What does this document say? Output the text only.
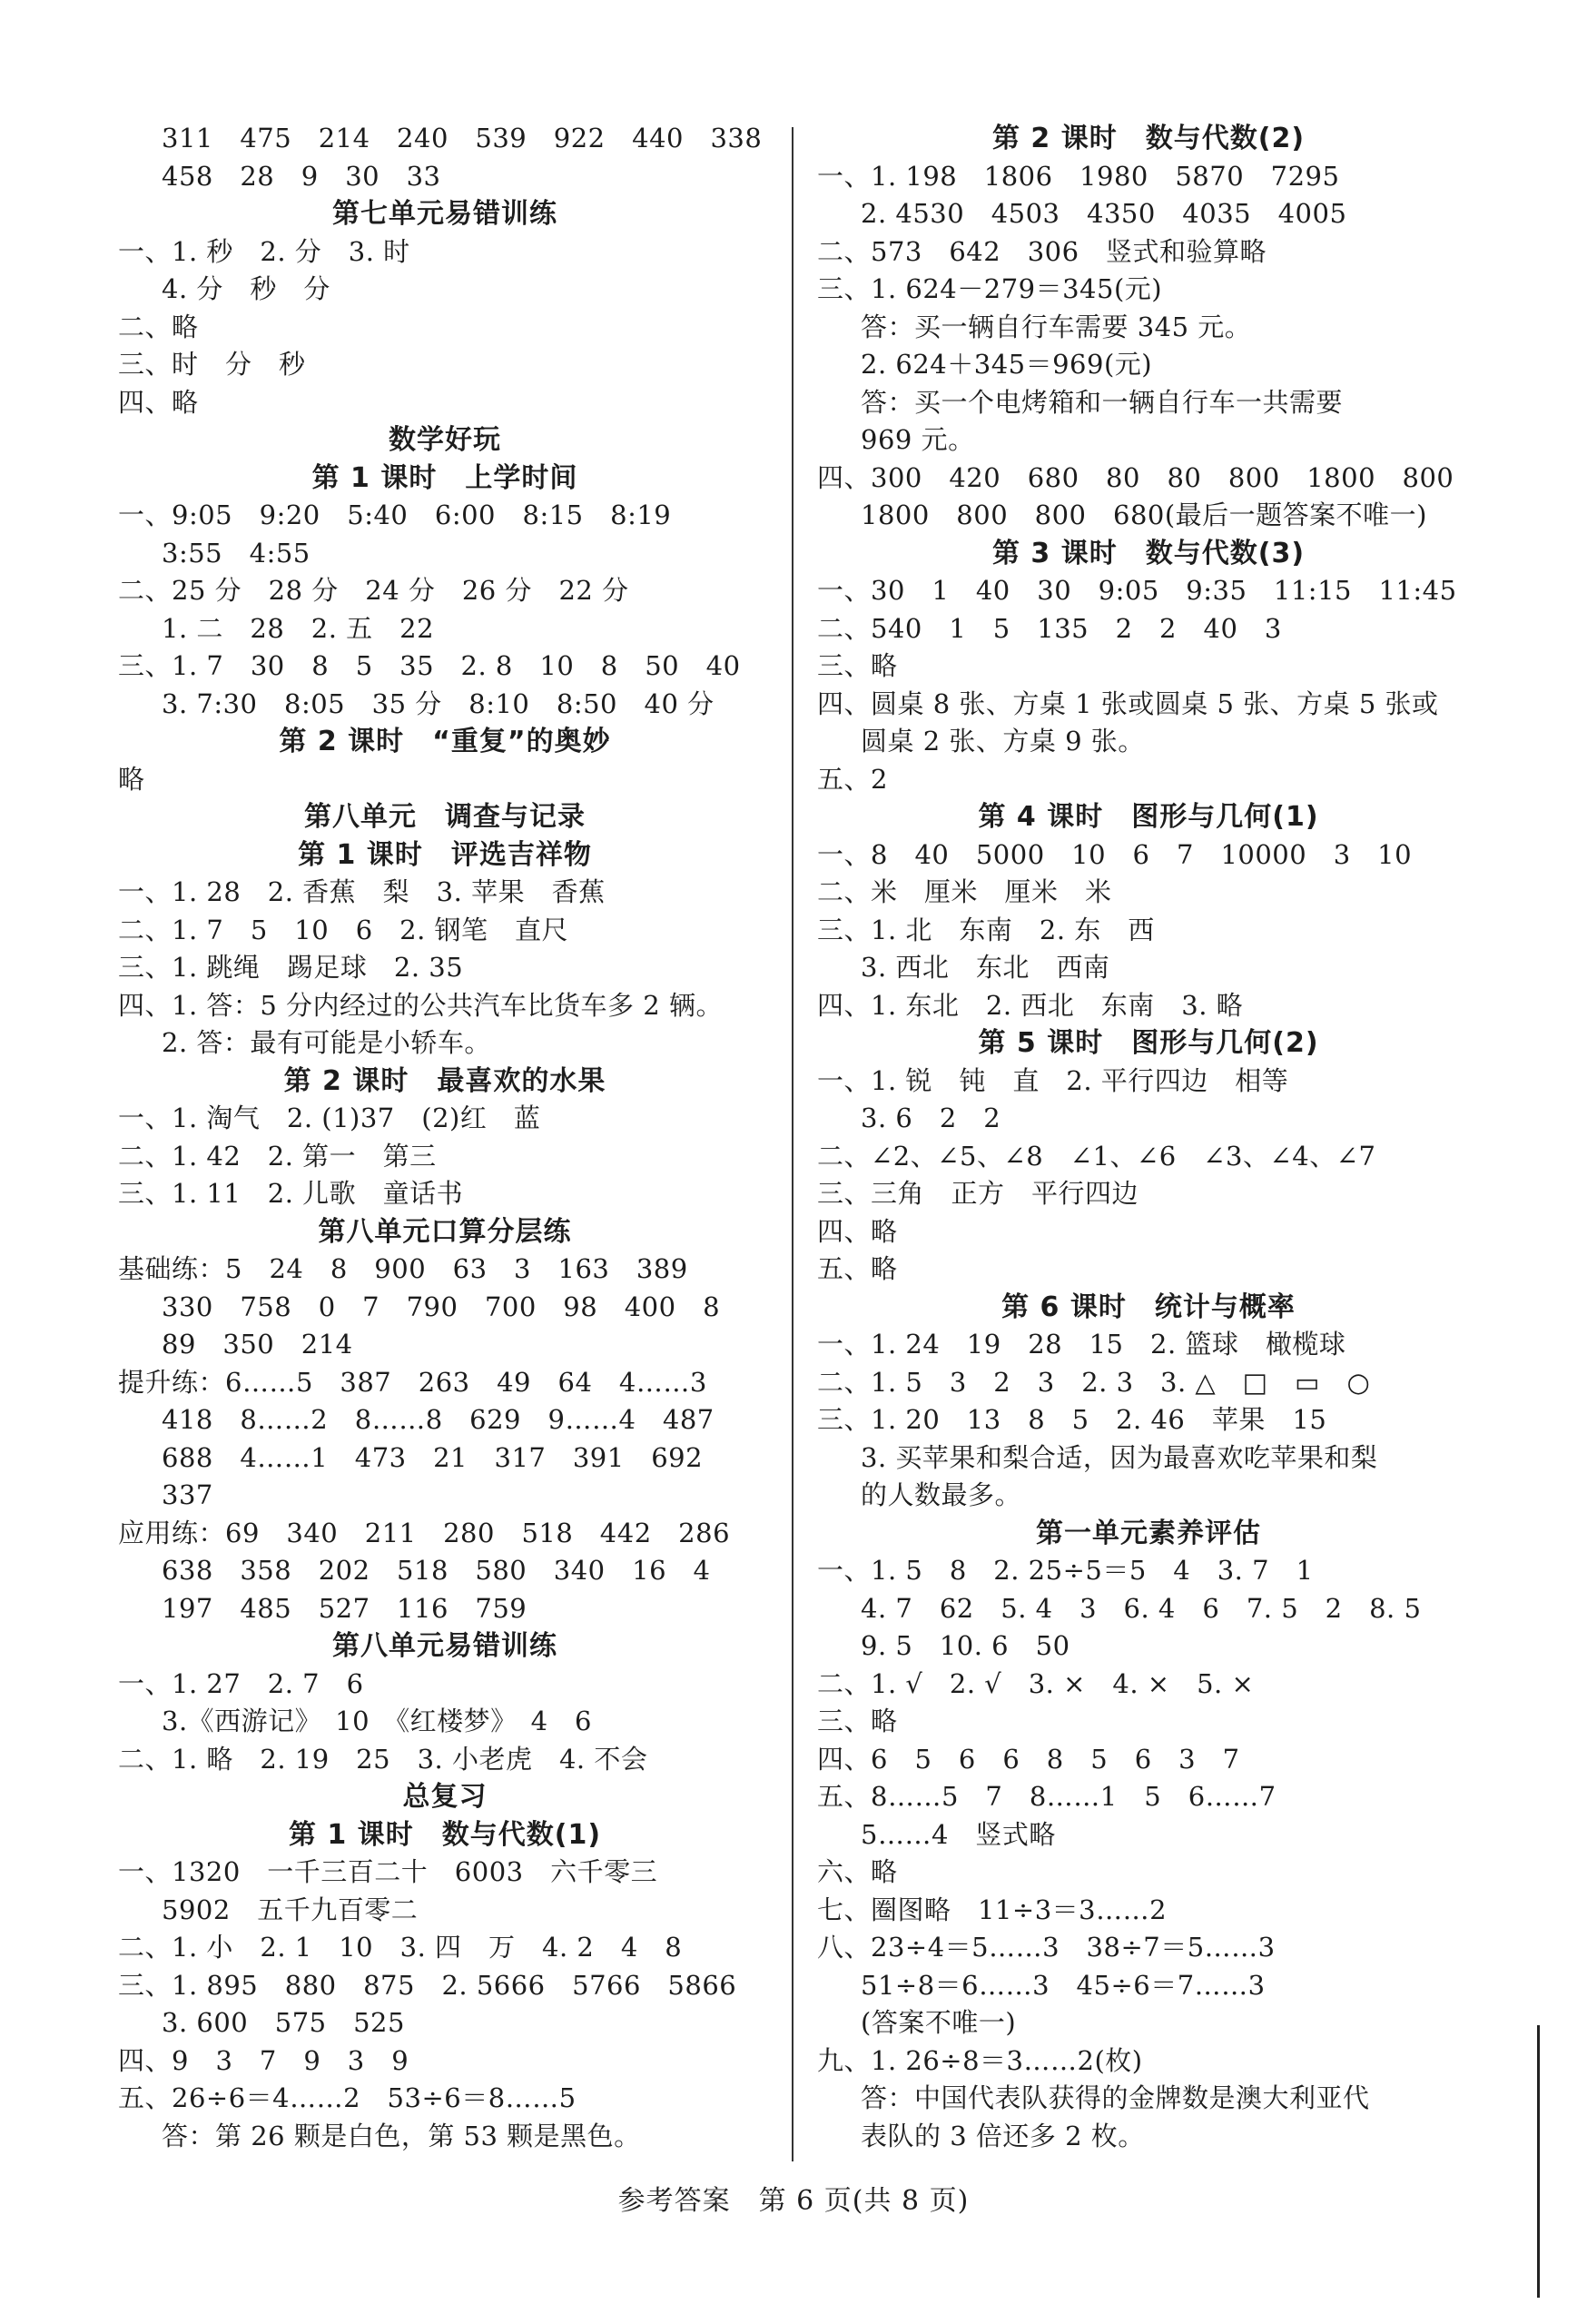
311　475　214　240　539　922　440　338
458　28　9　30　33
第七单元易错训练
一、1. 秒　2. 分　3. 时
4. 分　秒　分
二、略
三、时　分　秒
四、略
数学好玩
第 1 课时　上学时间
一、9:05　9:20　5:40　6:00　8:15　8:19
3:55　4:55
二、25 分　28 分　24 分　26 分　22 分
1. 二　28　2. 五　22
三、1. 7　30　8　5　35　2. 8　10　8　50　40
3. 7:30　8:05　35 分　8:10　8:50　40 分
第 2 课时　“重复”的奥妙
略
第八单元　调查与记录
第 1 课时　评选吉祥物
一、1. 28　2. 香蕉　梨　3. 苹果　香蕉
二、1. 7　5　10　6　2. 钢笔　直尺
三、1. 跳绳　踢足球　2. 35
四、1. 答：5 分内经过的公共汽车比货车多 2 辆。
2. 答：最有可能是小轿车。
第 2 课时　最喜欢的水果
一、1. 淘气　2. (1)37　(2)红　蓝
二、1. 42　2. 第一　第三
三、1. 11　2. 儿歌　童话书
第八单元口算分层练
基础练：5　24　8　900　63　3　163　389
330　758　0　7　790　700　98　400　8
89　350　214
提升练：6……5　387　263　49　64　4……3
418　8……2　8……8　629　9……4　487
688　4……1　473　21　317　391　692
337
应用练：69　340　211　280　518　442　286
638　358　202　518　580　340　16　4
197　485　527　116　759
第八单元易错训练
一、1. 27　2. 7　6
3.《西游记》　10　《红楼梦》　4　6
二、1. 略　2. 19　25　3. 小老虎　4. 不会
总复习
第 1 课时　数与代数(1)
一、1320　一千三百二十　6003　六千零三
5902　五千九百零二
二、1. 小　2. 1　10　3. 四　万　4. 2　4　8
三、1. 895　880　875　2. 5666　5766　5866
3. 600　575　525
四、9　3　7　9　3　9
五、26÷6＝4……2　53÷6＝8……5
答：第 26 颗是白色，第 53 颗是黑色。
第 2 课时　数与代数(2)
一、1. 198　1806　1980　5870　7295
2. 4530　4503　4350　4035　4005
二、573　642　306　竖式和验算略
三、1. 624－279＝345(元)
答：买一辆自行车需要 345 元。
2. 624＋345＝969(元)
答：买一个电烤箱和一辆自行车一共需要
969 元。
四、300　420　680　80　80　800　1800　800
1800　800　800　680(最后一题答案不唯一)
第 3 课时　数与代数(3)
一、30　1　40　30　9:05　9:35　11:15　11:45
二、540　1　5　135　2　2　40　3
三、略
四、圆桌 8 张、方桌 1 张或圆桌 5 张、方桌 5 张或
圆桌 2 张、方桌 9 张。
五、2
第 4 课时　图形与几何(1)
一、8　40　5000　10　6　7　10000　3　10
二、米　厘米　厘米　米
三、1. 北　东南　2. 东　西
3. 西北　东北　西南
四、1. 东北　2. 西北　东南　3. 略
第 5 课时　图形与几何(2)
一、1. 锐　钝　直　2. 平行四边　相等
3. 6　2　2
二、∠2、∠5、∠8　∠1、∠6　∠3、∠4、∠7
三、三角　正方　平行四边
四、略
五、略
第 6 课时　统计与概率
一、1. 24　19　28　15　2. 篮球　橄榄球
二、1. 5　3　2　3　2. 3　3. △　□　▭　○
三、1. 20　13　8　5　2. 46　苹果　15
3. 买苹果和梨合适，因为最喜欢吃苹果和梨
的人数最多。
第一单元素养评估
一、1. 5　8　2. 25÷5＝5　4　3. 7　1
4. 7　62　5. 4　3　6. 4　6　7. 5　2　8. 5
9. 5　10. 6　50
二、1. √　2. √　3. ×　4. ×　5. ×
三、略
四、6　5　6　6　8　5　6　3　7
五、8……5　7　8……1　5　6……7
5……4　竖式略
六、略
七、圈图略　11÷3＝3……2
八、23÷4＝5……3　38÷7＝5……3
51÷8＝6……3　45÷6＝7……3
(答案不唯一)
九、1. 26÷8＝3……2(枚)
答：中国代表队获得的金牌数是澳大利亚代
表队的 3 倍还多 2 枚。
参考答案　第 6 页(共 8 页)
